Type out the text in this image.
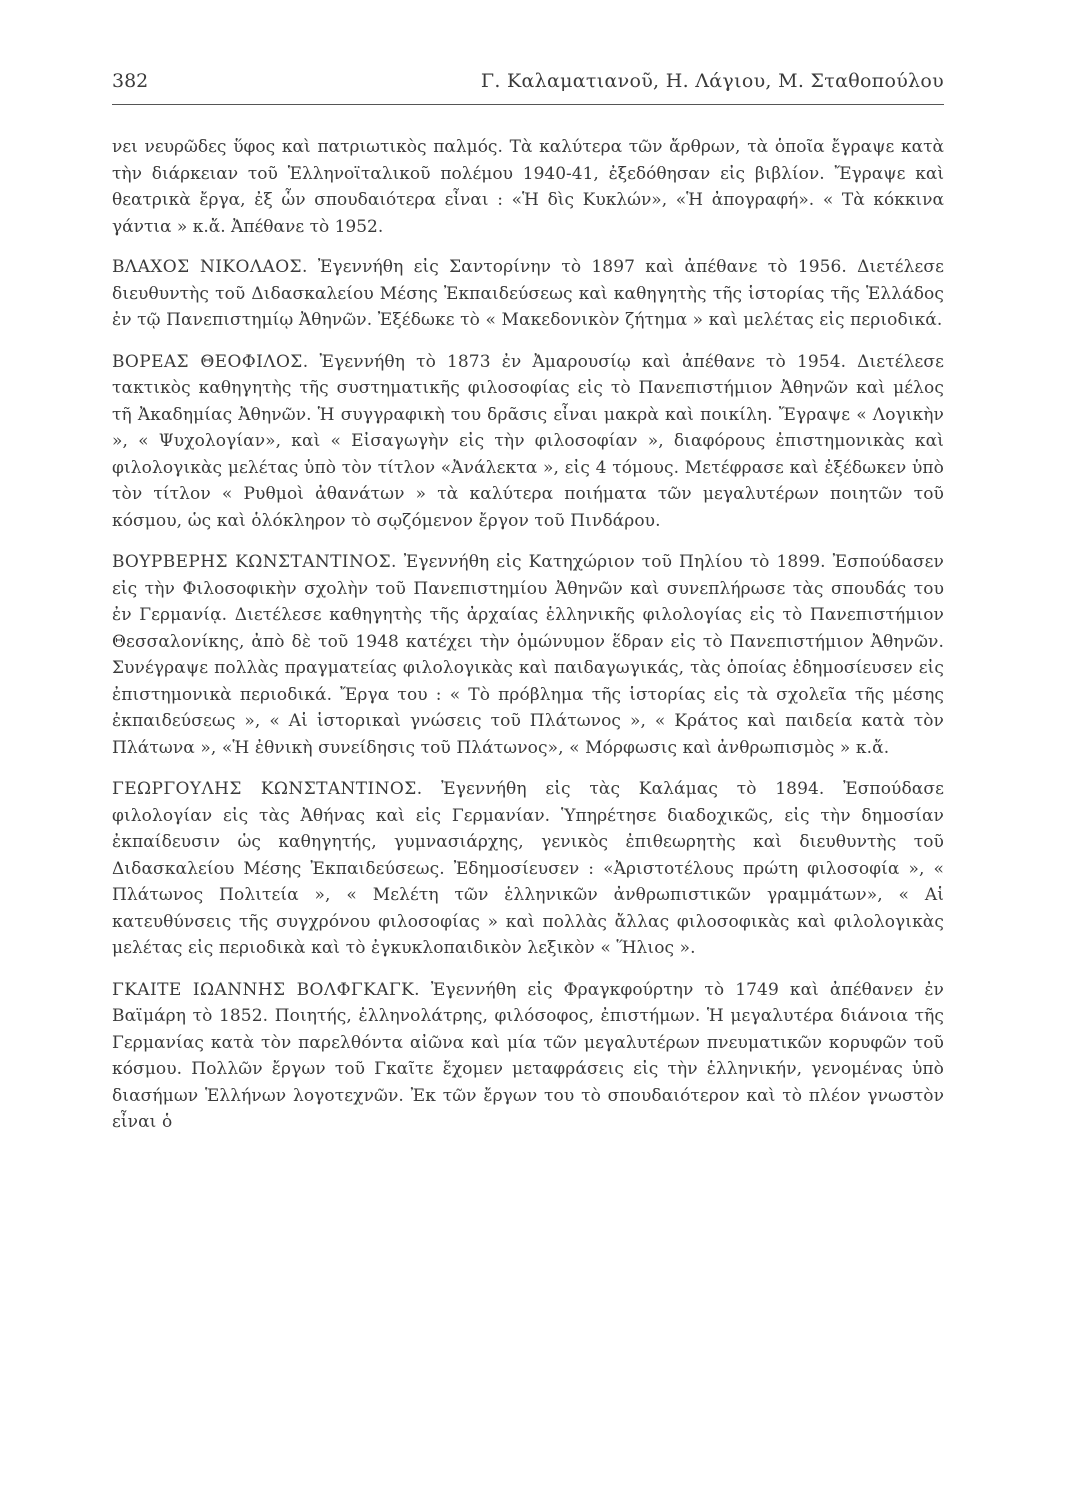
382	Γ. Καλαματιανοῦ, Η. Λάγιου, Μ. Σταθοπούλου

νει νευρῶδες ὕφος καὶ πατριωτικὸς παλμός. Τὰ καλύτερα τῶν ἄρθρων, τὰ ὁποῖα ἔγραψε κατὰ τὴν διάρκειαν τοῦ Ἑλληνοϊταλικοῦ πολέμου 1940-41, ἐξεδόθησαν εἰς βιβλίον. Ἔγραψε καὶ θεατρικὰ ἔργα, ἐξ ὧν σπουδαιότερα εἶναι : «Ἡ δὶς Κυκλών», «Ἡ ἀπογραφή». « Τὰ κόκκινα γάντια » κ.ἄ. Ἀπέθανε τὸ 1952.

ΒΛΑΧΟΣ ΝΙΚΟΛΑΟΣ. Ἐγεννήθη εἰς Σαντορίνην τὸ 1897 καὶ ἀπέθανε τὸ 1956. Διετέλεσε διευθυντὴς τοῦ Διδασκαλείου Μέσης Ἐκπαιδεύσεως καὶ καθηγητὴς τῆς ἱστορίας τῆς Ἑλλάδος ἐν τῷ Πανεπιστημίῳ Ἀθηνῶν. Ἐξέδωκε τὸ « Μακεδονικὸν ζήτημα » καὶ μελέτας εἰς περιοδικά.

ΒΟΡΕΑΣ ΘΕΟΦΙΛΟΣ. Ἐγεννήθη τὸ 1873 ἐν Ἀμαρουσίῳ καὶ ἀπέθανε τὸ 1954. Διετέλεσε τακτικὸς καθηγητὴς τῆς συστηματικῆς φιλοσοφίας εἰς τὸ Πανεπιστήμιον Ἀθηνῶν καὶ μέλος τῆ Ἀκαδημίας Ἀθηνῶν. Ἡ συγγραφικὴ του δρᾶσις εἶναι μακρὰ καὶ ποικίλη. Ἔγραψε « Λογικὴν », « Ψυχολογίαν», καὶ « Εἰσαγωγὴν εἰς τὴν φιλοσοφίαν », διαφόρους ἐπιστημονικὰς καὶ φιλολογικὰς μελέτας ὑπὸ τὸν τίτλον «Ἀνάλεκτα », εἰς 4 τόμους. Μετέφρασε καὶ ἐξέδωκεν ὑπὸ τὸν τίτλον « Ρυθμοὶ ἀθανάτων » τὰ καλύτερα ποιήματα τῶν μεγαλυτέρων ποιητῶν τοῦ κόσμου, ὡς καὶ ὁλόκληρον τὸ σῳζόμενον ἔργον τοῦ Πινδάρου.

ΒΟΥΡΒΕΡΗΣ ΚΩΝΣΤΑΝΤΙΝΟΣ. Ἐγεννήθη εἰς Κατηχώριον τοῦ Πηλίου τὸ 1899. Ἐσπούδασεν εἰς τὴν Φιλοσοφικὴν σχολὴν τοῦ Πανεπιστημίου Ἀθηνῶν καὶ συνεπλήρωσε τὰς σπουδάς του ἐν Γερμανίᾳ. Διετέλεσε καθηγητὴς τῆς ἀρχαίας ἑλληνικῆς φιλολογίας εἰς τὸ Πανεπιστήμιον Θεσσαλονίκης, ἀπὸ δὲ τοῦ 1948 κατέχει τὴν ὁμώνυμον ἕδραν εἰς τὸ Πανεπιστήμιον Ἀθηνῶν. Συνέγραψε πολλὰς πραγματείας φιλολογικὰς καὶ παιδαγωγικάς, τὰς ὁποίας ἐδημοσίευσεν εἰς ἐπιστημονικὰ περιοδικά. Ἔργα του : « Τὸ πρόβλημα τῆς ἱστορίας εἰς τὰ σχολεῖα τῆς μέσης ἐκπαιδεύσεως », « Αἱ ἱστορικαὶ γνώσεις τοῦ Πλάτωνος », « Κράτος καὶ παιδεία κατὰ τὸν Πλάτωνα », «Ἡ ἐθνικὴ συνείδησις τοῦ Πλάτωνος», « Μόρφωσις καὶ ἀνθρωπισμὸς » κ.ἄ.

ΓΕΩΡΓΟΥΛΗΣ ΚΩΝΣΤΑΝΤΙΝΟΣ. Ἐγεννήθη εἰς τὰς Καλάμας τὸ 1894. Ἐσπούδασε φιλολογίαν εἰς τὰς Ἀθήνας καὶ εἰς Γερμανίαν. Ὑπηρέτησε διαδοχικῶς, εἰς τὴν δημοσίαν ἐκπαίδευσιν ὡς καθηγητής, γυμνασιάρχης, γενικὸς ἐπιθεωρητὴς καὶ διευθυντὴς τοῦ Διδασκαλείου Μέσης Ἐκπαιδεύσεως. Ἐδημοσίευσεν : «Ἀριστοτέλους πρώτη φιλοσοφία », « Πλάτωνος Πολιτεία », « Μελέτη τῶν ἑλληνικῶν ἀνθρωπιστικῶν γραμμάτων», « Αἱ κατευθύνσεις τῆς συγχρόνου φιλοσοφίας » καὶ πολλὰς ἄλλας φιλοσοφικὰς καὶ φιλολογικὰς μελέτας εἰς περιοδικὰ καὶ τὸ ἐγκυκλοπαιδικὸν λεξικὸν « Ἥλιος ».

ΓΚΑΙΤΕ ΙΩΑΝΝΗΣ ΒΟΛΦΓΚΑΓΚ. Ἐγεννήθη εἰς Φραγκφούρτην τὸ 1749 καὶ ἀπέθανεν ἐν Βαϊμάρη τὸ 1852. Ποιητής, ἑλληνολάτρης, φιλόσοφος, ἐπιστήμων. Ἡ μεγαλυτέρα διάνοια τῆς Γερμανίας κατὰ τὸν παρελθόντα αἰῶνα καὶ μία τῶν μεγαλυτέρων πνευματικῶν κορυφῶν τοῦ κόσμου. Πολλῶν ἔργων τοῦ Γκαῖτε ἔχομεν μεταφράσεις εἰς τὴν ἑλληνικήν, γενομένας ὑπὸ διασήμων Ἑλλήνων λογοτεχνῶν. Ἐκ τῶν ἔργων του τὸ σπουδαιότερον καὶ τὸ πλέον γνωστὸν εἶναι ὁ
